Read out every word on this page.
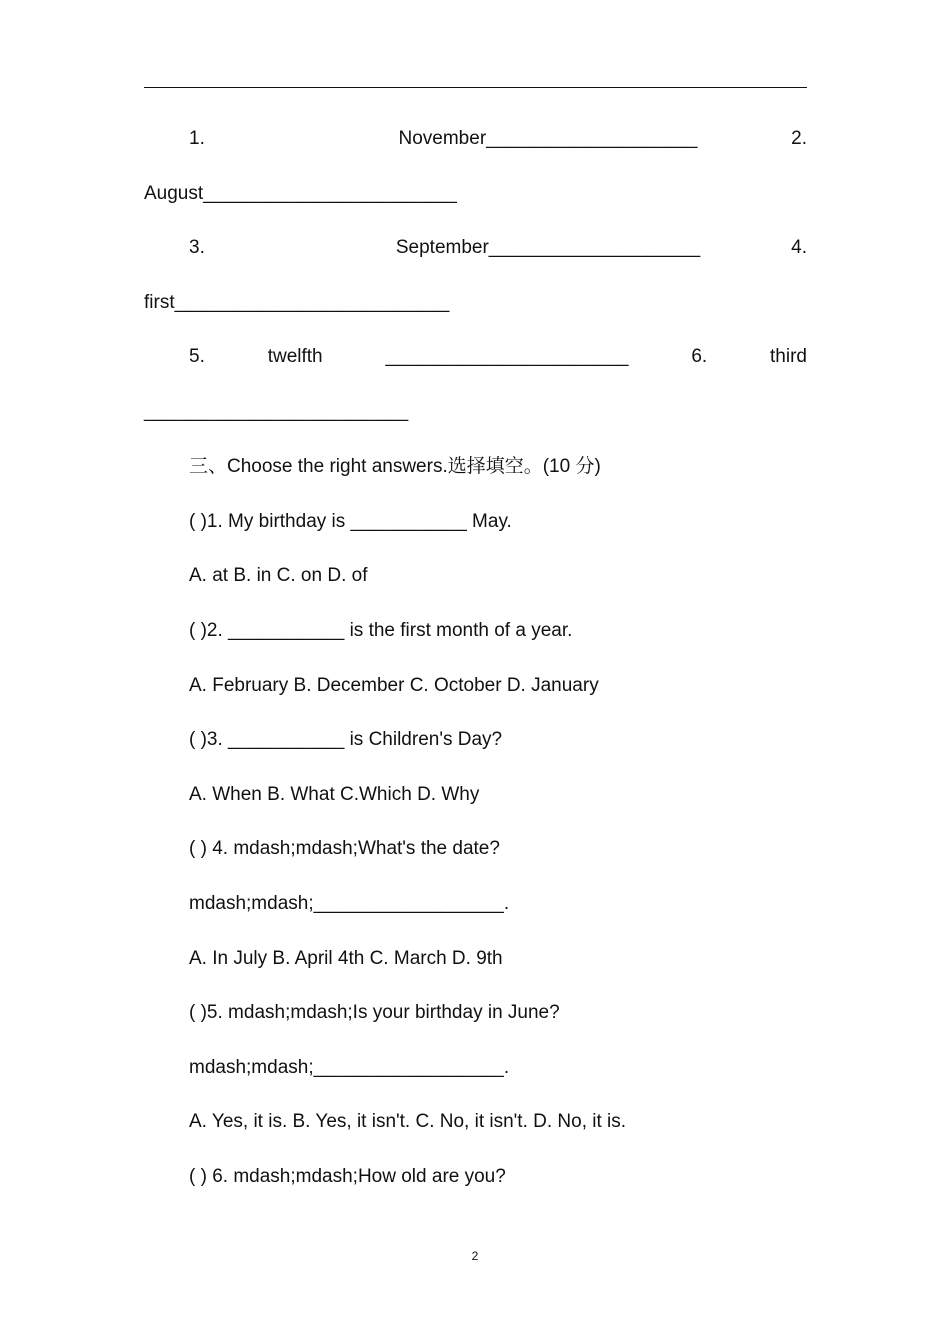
1.	November____________________	2.
August________________________
3.	September____________________	4.
first__________________________
5.	twelfth	_______________________	6.	third
_________________________
三、Choose the right answers.选择填空。(10 分)
( )1. My birthday is ___________ May.
A. at B. in C. on D. of
( )2. ___________ is the first month of a year.
A. February B. December C. October D. January
( )3. ___________ is Children's Day?
A. When B. What C.Which D. Why
( ) 4. mdash;mdash;What's the date?
mdash;mdash;__________________.
A. In July B. April 4th C. March D. 9th
( )5. mdash;mdash;Is your birthday in June?
mdash;mdash;__________________.
A. Yes, it is. B. Yes, it isn't. C. No, it isn't. D. No, it is.
( ) 6. mdash;mdash;How old are you?
2
